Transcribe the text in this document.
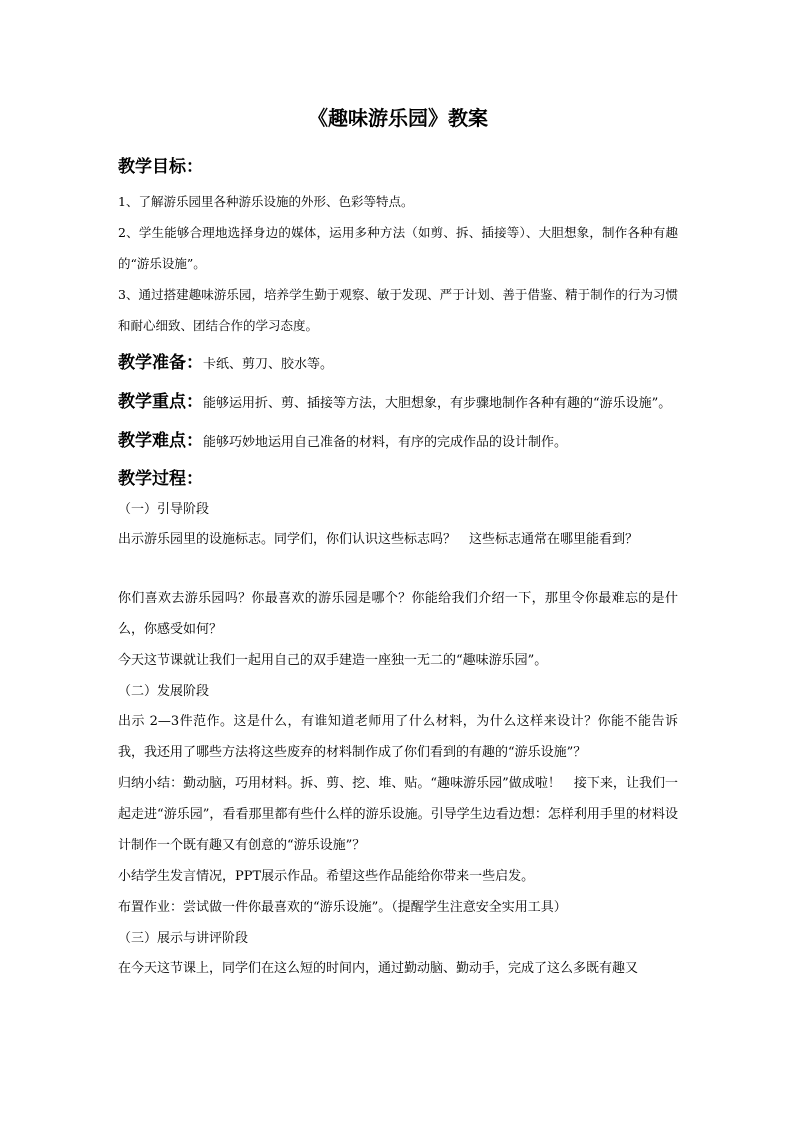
《趣味游乐园》教案
教学目标：

1、了解游乐园里各种游乐设施的外形、色彩等特点。

2、学生能够合理地选择身边的媒体，运用多种方法（如剪、拆、插接等）、大胆想象，制作各种有趣的“游乐设施”。

3、通过搭建趣味游乐园，培养学生勤于观察、敏于发现、严于计划、善于借鉴、精于制作的行为习惯和耐心细致、团结合作的学习态度。

教学准备：卡纸、剪刀、胶水等。
教学重点：能够运用折、剪、插接等方法，大胆想象，有步骤地制作各种有趣的“游乐设施”。
教学难点：能够巧妙地运用自己准备的材料，有序的完成作品的设计制作。
教学过程：

（一）引导阶段

出示游乐园里的设施标志。同学们，你们认识这些标志吗？　这些标志通常在哪里能看到？

你们喜欢去游乐园吗？你最喜欢的游乐园是哪个？你能给我们介绍一下，那里令你最难忘的是什么，你感受如何？

今天这节课就让我们一起用自己的双手建造一座独一无二的“趣味游乐园”。

（二）发展阶段

出示 2—3件范作。这是什么，有谁知道老师用了什么材料，为什么这样来设计？你能不能告诉我，我还用了哪些方法将这些废弃的材料制作成了你们看到的有趣的“游乐设施”？

归纳小结：勤动脑，巧用材料。拆、剪、挖、堆、贴。“趣味游乐园”做成啦！　接下来，让我们一起走进“游乐园”，看看那里都有些什么样的游乐设施。引导学生边看边想：怎样利用手里的材料设计制作一个既有趣又有创意的“游乐设施”？

小结学生发言情况，PPT展示作品。希望这些作品能给你带来一些启发。

布置作业：尝试做一件你最喜欢的“游乐设施”。（提醒学生注意安全实用工具）

（三）展示与讲评阶段

在今天这节课上，同学们在这么短的时间内，通过勤动脑、勤动手，完成了这么多既有趣又
